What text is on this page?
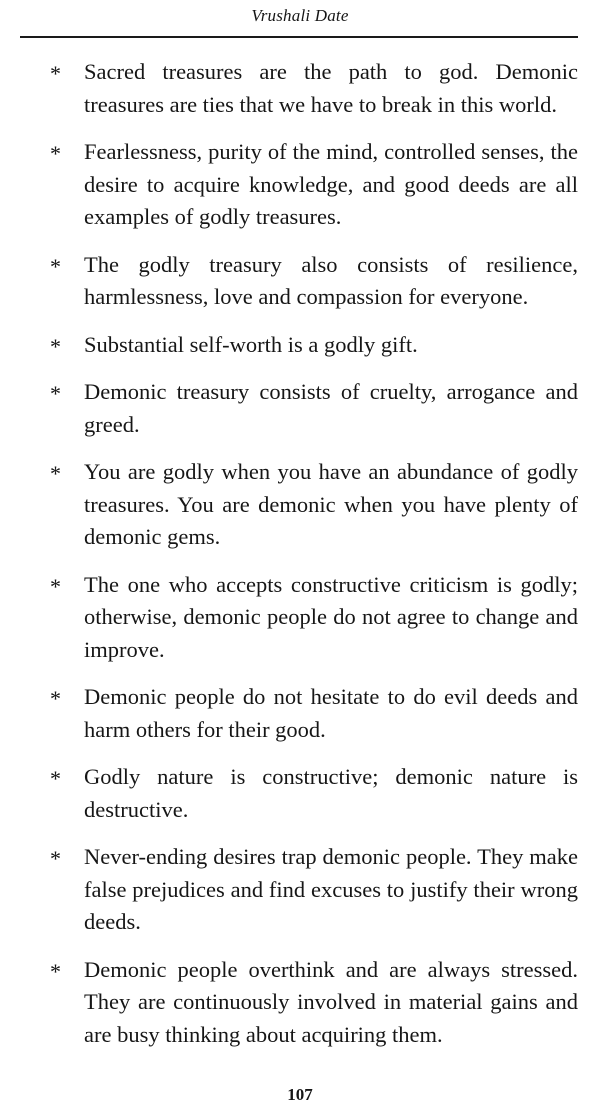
Vrushali Date
* Sacred treasures are the path to god. Demonic treasures are ties that we have to break in this world.
* Fearlessness, purity of the mind, controlled senses, the desire to acquire knowledge, and good deeds are all examples of godly treasures.
* The godly treasury also consists of resilience, harmlessness, love and compassion for everyone.
* Substantial self-worth is a godly gift.
* Demonic treasury consists of cruelty, arrogance and greed.
* You are godly when you have an abundance of godly treasures. You are demonic when you have plenty of demonic gems.
* The one who accepts constructive criticism is godly; otherwise, demonic people do not agree to change and improve.
* Demonic people do not hesitate to do evil deeds and harm others for their good.
* Godly nature is constructive; demonic nature is destructive.
* Never-ending desires trap demonic people. They make false prejudices and find excuses to justify their wrong deeds.
* Demonic people overthink and are always stressed. They are continuously involved in material gains and are busy thinking about acquiring them.
107
